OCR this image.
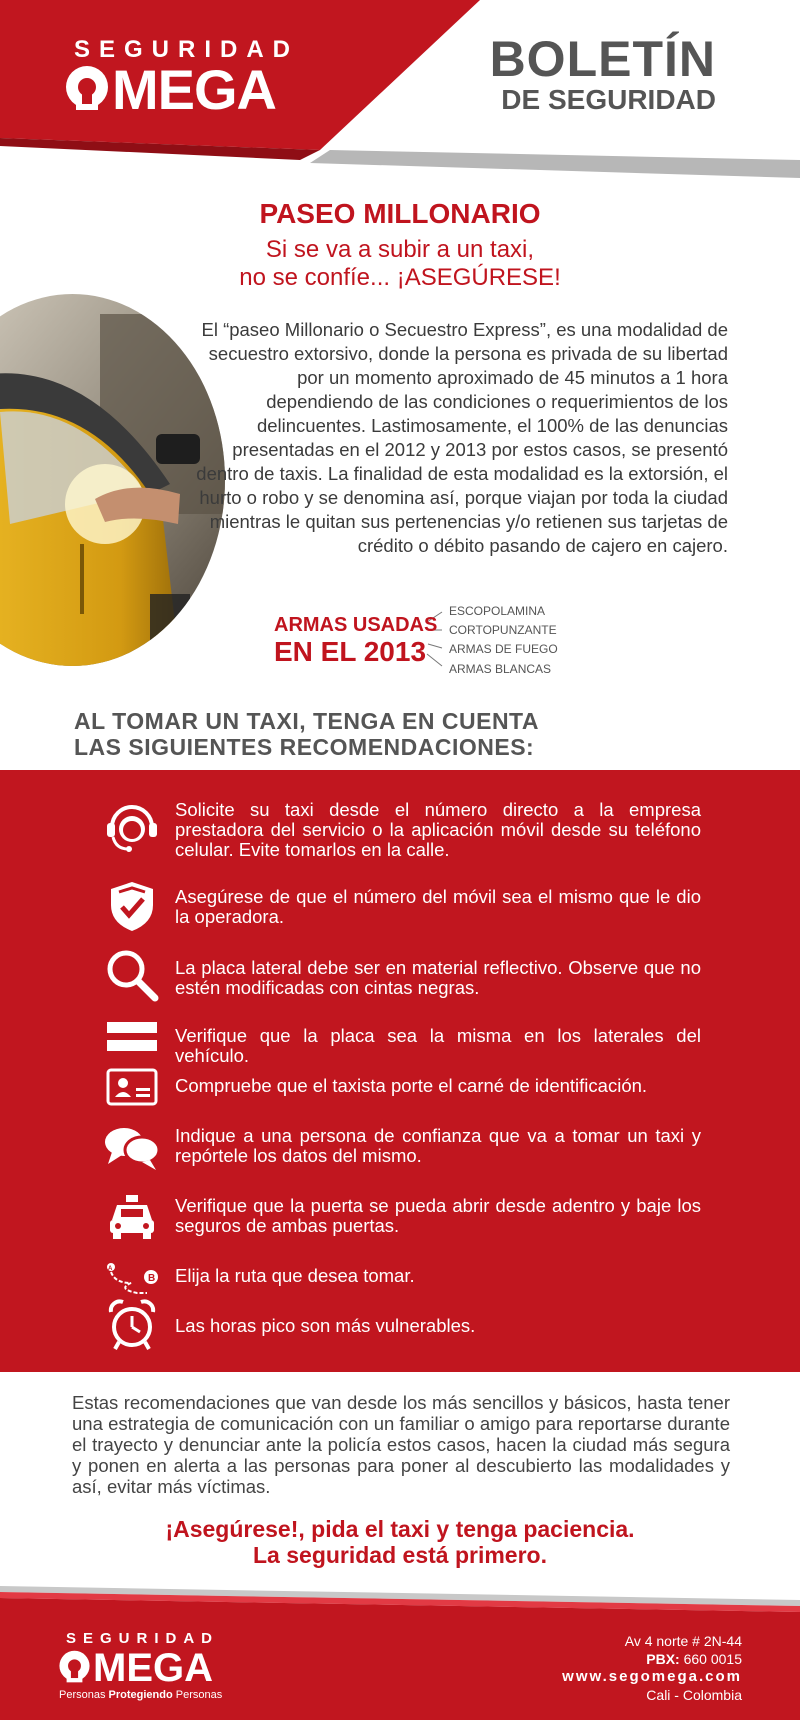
SEGURIDAD
MEGA	BOLETÍN
DE SEGURIDAD
PASEO MILLONARIO
Si se va a subir a un taxi,
no se confíe... ¡ASEGÚRESE!
El “paseo Millonario o Secuestro Express”, es una modalidad de secuestro extorsivo, donde la persona es privada de su libertad por un momento aproximado de 45 minutos a 1 hora dependiendo de las condiciones o requerimientos de los delincuentes. Lastimosamente, el 100% de las denuncias presentadas en el 2012 y 2013 por estos casos, se presentó dentro de taxis. La finalidad de esta modalidad es la extorsión, el hurto o robo y se denomina así, porque viajan por toda la ciudad mientras le quitan sus pertenencias y/o retienen sus tarjetas de crédito o débito pasando de cajero en cajero.
ARMAS USADAS
EN EL 2013
ESCOPOLAMINA
CORTOPUNZANTE
ARMAS DE FUEGO
ARMAS BLANCAS
AL TOMAR UN TAXI, TENGA EN CUENTA
LAS SIGUIENTES RECOMENDACIONES:
Solicite su taxi desde el número directo a la empresa prestadora del servicio o la aplicación móvil desde su teléfono celular. Evite tomarlos en la calle.
Asegúrese de que el número del móvil sea el mismo que le dio la operadora.
La placa lateral debe ser en material reflectivo. Observe que no estén modificadas con cintas negras.
Verifique que la placa sea la misma en los laterales del vehículo.
Compruebe que el taxista porte el carné de identificación.
Indique a una persona de confianza que va a tomar un taxi y repórtele los datos del mismo.
Verifique que la puerta se pueda abrir desde adentro y baje los seguros de ambas puertas.
B
A	Elija la ruta que desea tomar.
Las horas pico son más vulnerables.
Estas recomendaciones que van desde los más sencillos y básicos, hasta tener una estrategia de comunicación con un familiar o amigo para reportarse durante el trayecto y denunciar ante la policía estos casos, hacen la ciudad más segura y ponen en alerta a las personas para poner al descubierto las modalidades y así, evitar más víctimas.
¡Asegúrese!, pida el taxi y tenga paciencia.
La seguridad está primero.
SEGURIDAD
MEGA
Personas Protegiendo Personas
Av 4 norte # 2N-44
PBX: 660 0015
www.segomega.com
Cali - Colombia
